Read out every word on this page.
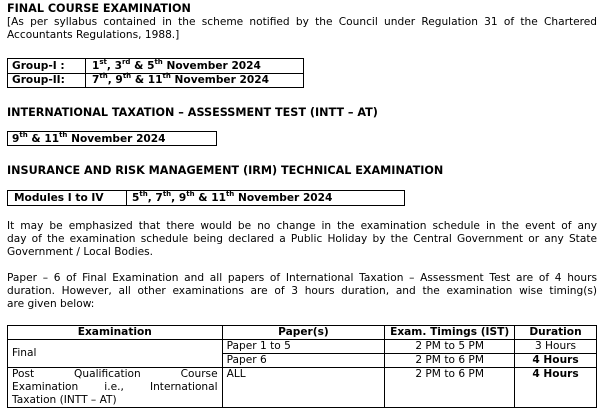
FINAL COURSE EXAMINATION
[As per syllabus contained in the scheme notified by the Council under Regulation 31 of the Chartered
Accountants Regulations, 1988.]
Group-I :	1st, 3rd & 5th November 2024
Group-II:	7th, 9th & 11th November 2024
INTERNATIONAL TAXATION – ASSESSMENT TEST (INTT – AT)
9th & 11th November 2024
INSURANCE AND RISK MANAGEMENT (IRM) TECHNICAL EXAMINATION
Modules I to IV	5th, 7th, 9th & 11th November 2024
It may be emphasized that there would be no change in the examination schedule in the event of any
day of the examination schedule being declared a Public Holiday by the Central Government or any State
Government / Local Bodies.
Paper – 6 of Final Examination and all papers of International Taxation – Assessment Test are of 4 hours
duration. However, all other examinations are of 3 hours duration, and the examination wise timing(s)
are given below:
Examination	Paper(s)	Exam. Timings (IST)	Duration
Final	Paper 1 to 5	2 PM to 5 PM	3 Hours
	Paper 6	2 PM to 6 PM	4 Hours

Post Qualification Course
Examination i.e., International
Taxation (INTT – AT)	ALL	2 PM to 6 PM	4 Hours
